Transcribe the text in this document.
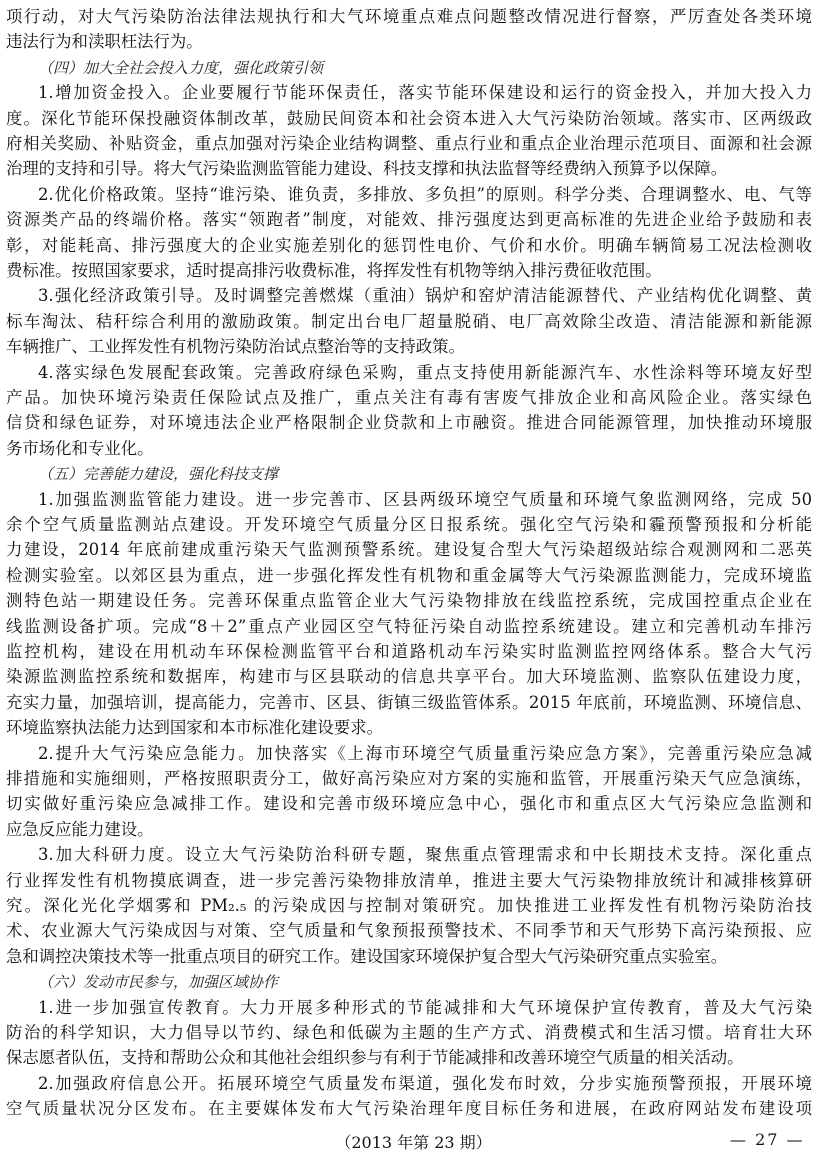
项行动，对大气污染防治法律法规执行和大气环境重点难点问题整改情况进行督察，严厉查处各类环境
违法行为和渎职枉法行为。
（四）加大全社会投入力度，强化政策引领
1.增加资金投入。企业要履行节能环保责任，落实节能环保建设和运行的资金投入，并加大投入力
度。深化节能环保投融资体制改革，鼓励民间资本和社会资本进入大气污染防治领域。落实市、区两级政
府相关奖励、补贴资金，重点加强对污染企业结构调整、重点行业和重点企业治理示范项目、面源和社会源
治理的支持和引导。将大气污染监测监管能力建设、科技支撑和执法监督等经费纳入预算予以保障。
2.优化价格政策。坚持“谁污染、谁负责，多排放、多负担”的原则。科学分类、合理调整水、电、气等
资源类产品的终端价格。落实“领跑者”制度，对能效、排污强度达到更高标准的先进企业给予鼓励和表
彰，对能耗高、排污强度大的企业实施差别化的惩罚性电价、气价和水价。明确车辆简易工况法检测收
费标准。按照国家要求，适时提高排污收费标准，将挥发性有机物等纳入排污费征收范围。
3.强化经济政策引导。及时调整完善燃煤（重油）锅炉和窑炉清洁能源替代、产业结构优化调整、黄
标车淘汰、秸秆综合利用的激励政策。制定出台电厂超量脱硝、电厂高效除尘改造、清洁能源和新能源
车辆推广、工业挥发性有机物污染防治试点整治等的支持政策。
4.落实绿色发展配套政策。完善政府绿色采购，重点支持使用新能源汽车、水性涂料等环境友好型
产品。加快环境污染责任保险试点及推广，重点关注有毒有害废气排放企业和高风险企业。落实绿色
信贷和绿色证券，对环境违法企业严格限制企业贷款和上市融资。推进合同能源管理，加快推动环境服
务市场化和专业化。
（五）完善能力建设，强化科技支撑
1.加强监测监管能力建设。进一步完善市、区县两级环境空气质量和环境气象监测网络，完成 50
余个空气质量监测站点建设。开发环境空气质量分区日报系统。强化空气污染和霾预警预报和分析能
力建设，2014 年底前建成重污染天气监测预警系统。建设复合型大气污染超级站综合观测网和二恶英
检测实验室。以郊区县为重点，进一步强化挥发性有机物和重金属等大气污染源监测能力，完成环境监
测特色站一期建设任务。完善环保重点监管企业大气污染物排放在线监控系统，完成国控重点企业在
线监测设备扩项。完成“8＋2”重点产业园区空气特征污染自动监控系统建设。建立和完善机动车排污
监控机构，建设在用机动车环保检测监管平台和道路机动车污染实时监测监控网络体系。整合大气污
染源监测监控系统和数据库，构建市与区县联动的信息共享平台。加大环境监测、监察队伍建设力度，
充实力量，加强培训，提高能力，完善市、区县、街镇三级监管体系。2015 年底前，环境监测、环境信息、
环境监察执法能力达到国家和本市标准化建设要求。
2.提升大气污染应急能力。加快落实《上海市环境空气质量重污染应急方案》，完善重污染应急减
排措施和实施细则，严格按照职责分工，做好高污染应对方案的实施和监管，开展重污染天气应急演练，
切实做好重污染应急减排工作。建设和完善市级环境应急中心，强化市和重点区大气污染应急监测和
应急反应能力建设。
3.加大科研力度。设立大气污染防治科研专题，聚焦重点管理需求和中长期技术支持。深化重点
行业挥发性有机物摸底调查，进一步完善污染物排放清单，推进主要大气污染物排放统计和减排核算研
究。深化光化学烟雾和 PM₂.₅ 的污染成因与控制对策研究。加快推进工业挥发性有机物污染防治技
术、农业源大气污染成因与对策、空气质量和气象预报预警技术、不同季节和天气形势下高污染预报、应
急和调控决策技术等一批重点项目的研究工作。建设国家环境保护复合型大气污染研究重点实验室。
（六）发动市民参与，加强区域协作
1.进一步加强宣传教育。大力开展多种形式的节能减排和大气环境保护宣传教育，普及大气污染
防治的科学知识，大力倡导以节约、绿色和低碳为主题的生产方式、消费模式和生活习惯。培育壮大环
保志愿者队伍，支持和帮助公众和其他社会组织参与有利于节能减排和改善环境空气质量的相关活动。
2.加强政府信息公开。拓展环境空气质量发布渠道，强化发布时效，分步实施预警预报，开展环境
空气质量状况分区发布。在主要媒体发布大气污染治理年度目标任务和进展，在政府网站发布建设项
（2013 年第 23 期）	— 27 —
